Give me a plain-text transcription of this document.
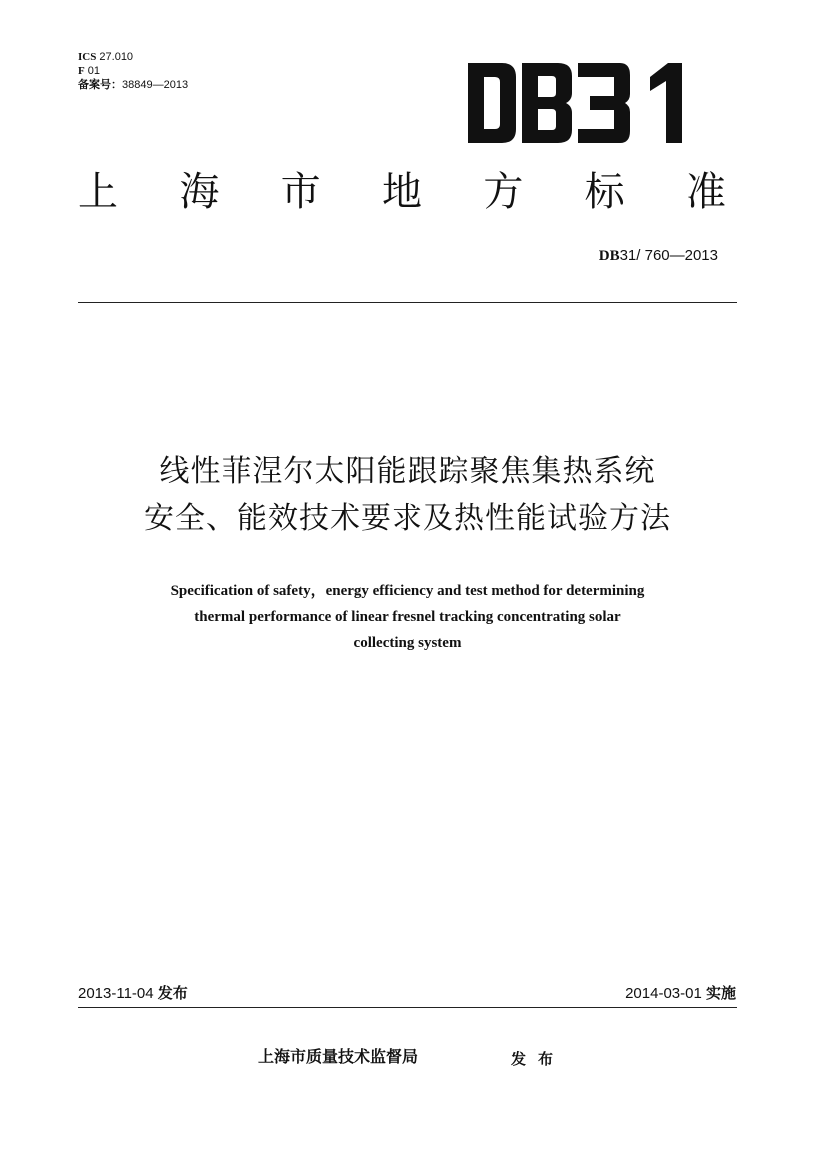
ICS 27.010
F 01
备案号：38849—2013
上 海 市 地 方 标 准
DB31/ 760—2013
线性菲涅尔太阳能跟踪聚焦集热系统
安全、能效技术要求及热性能试验方法
Specification of safety，energy efficiency and test method for determining
thermal performance of linear fresnel tracking concentrating solar
collecting system
2013-11-04 发布	2014-03-01 实施
上海市质量技术监督局	发布
